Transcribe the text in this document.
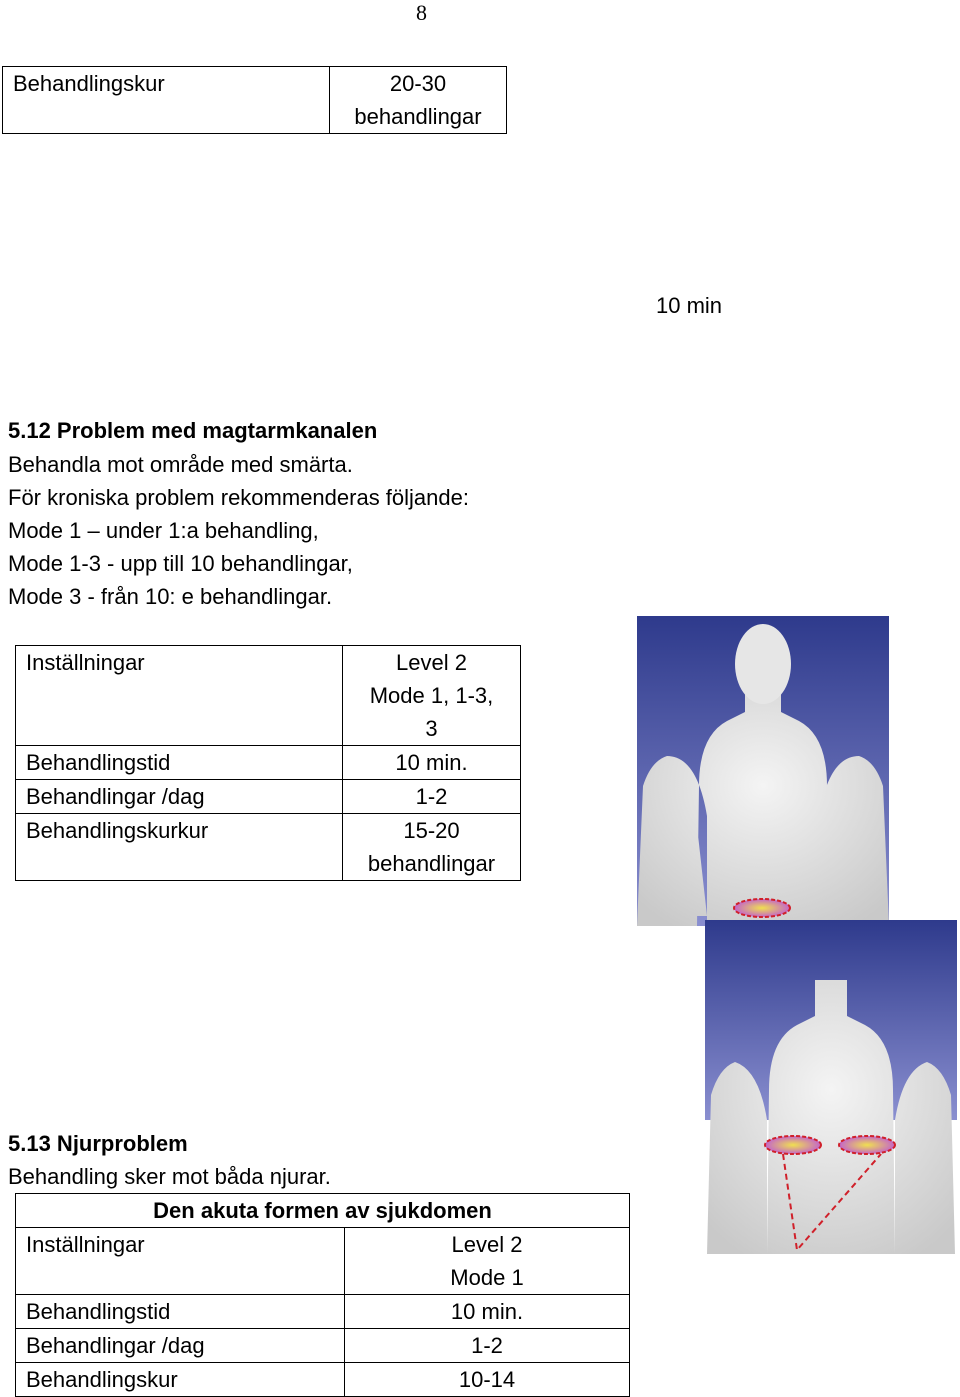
8
Behandlingskur	20-30
behandlingar
10 min
5.12 Problem med magtarmkanalen
Behandla mot område med smärta.
För kroniska problem rekommenderas följande:
Mode 1 – under 1:a behandling,
Mode 1-3 - upp till 10 behandlingar,
Mode 3 - från 10: e behandlingar.
Inställningar	Level 2
Mode 1, 1-3,
3

Behandlingstid	10 min.

Behandlingar /dag	1-2

Behandlingskurkur	15-20
behandlingar
5.13 Njurproblem
Behandling sker mot båda njurar.
Den akuta formen av sjukdomen	
Inställningar	Level 2
Mode 1

Behandlingstid	10 min.

Behandlingar /dag	1-2

Behandlingskur	10-14
